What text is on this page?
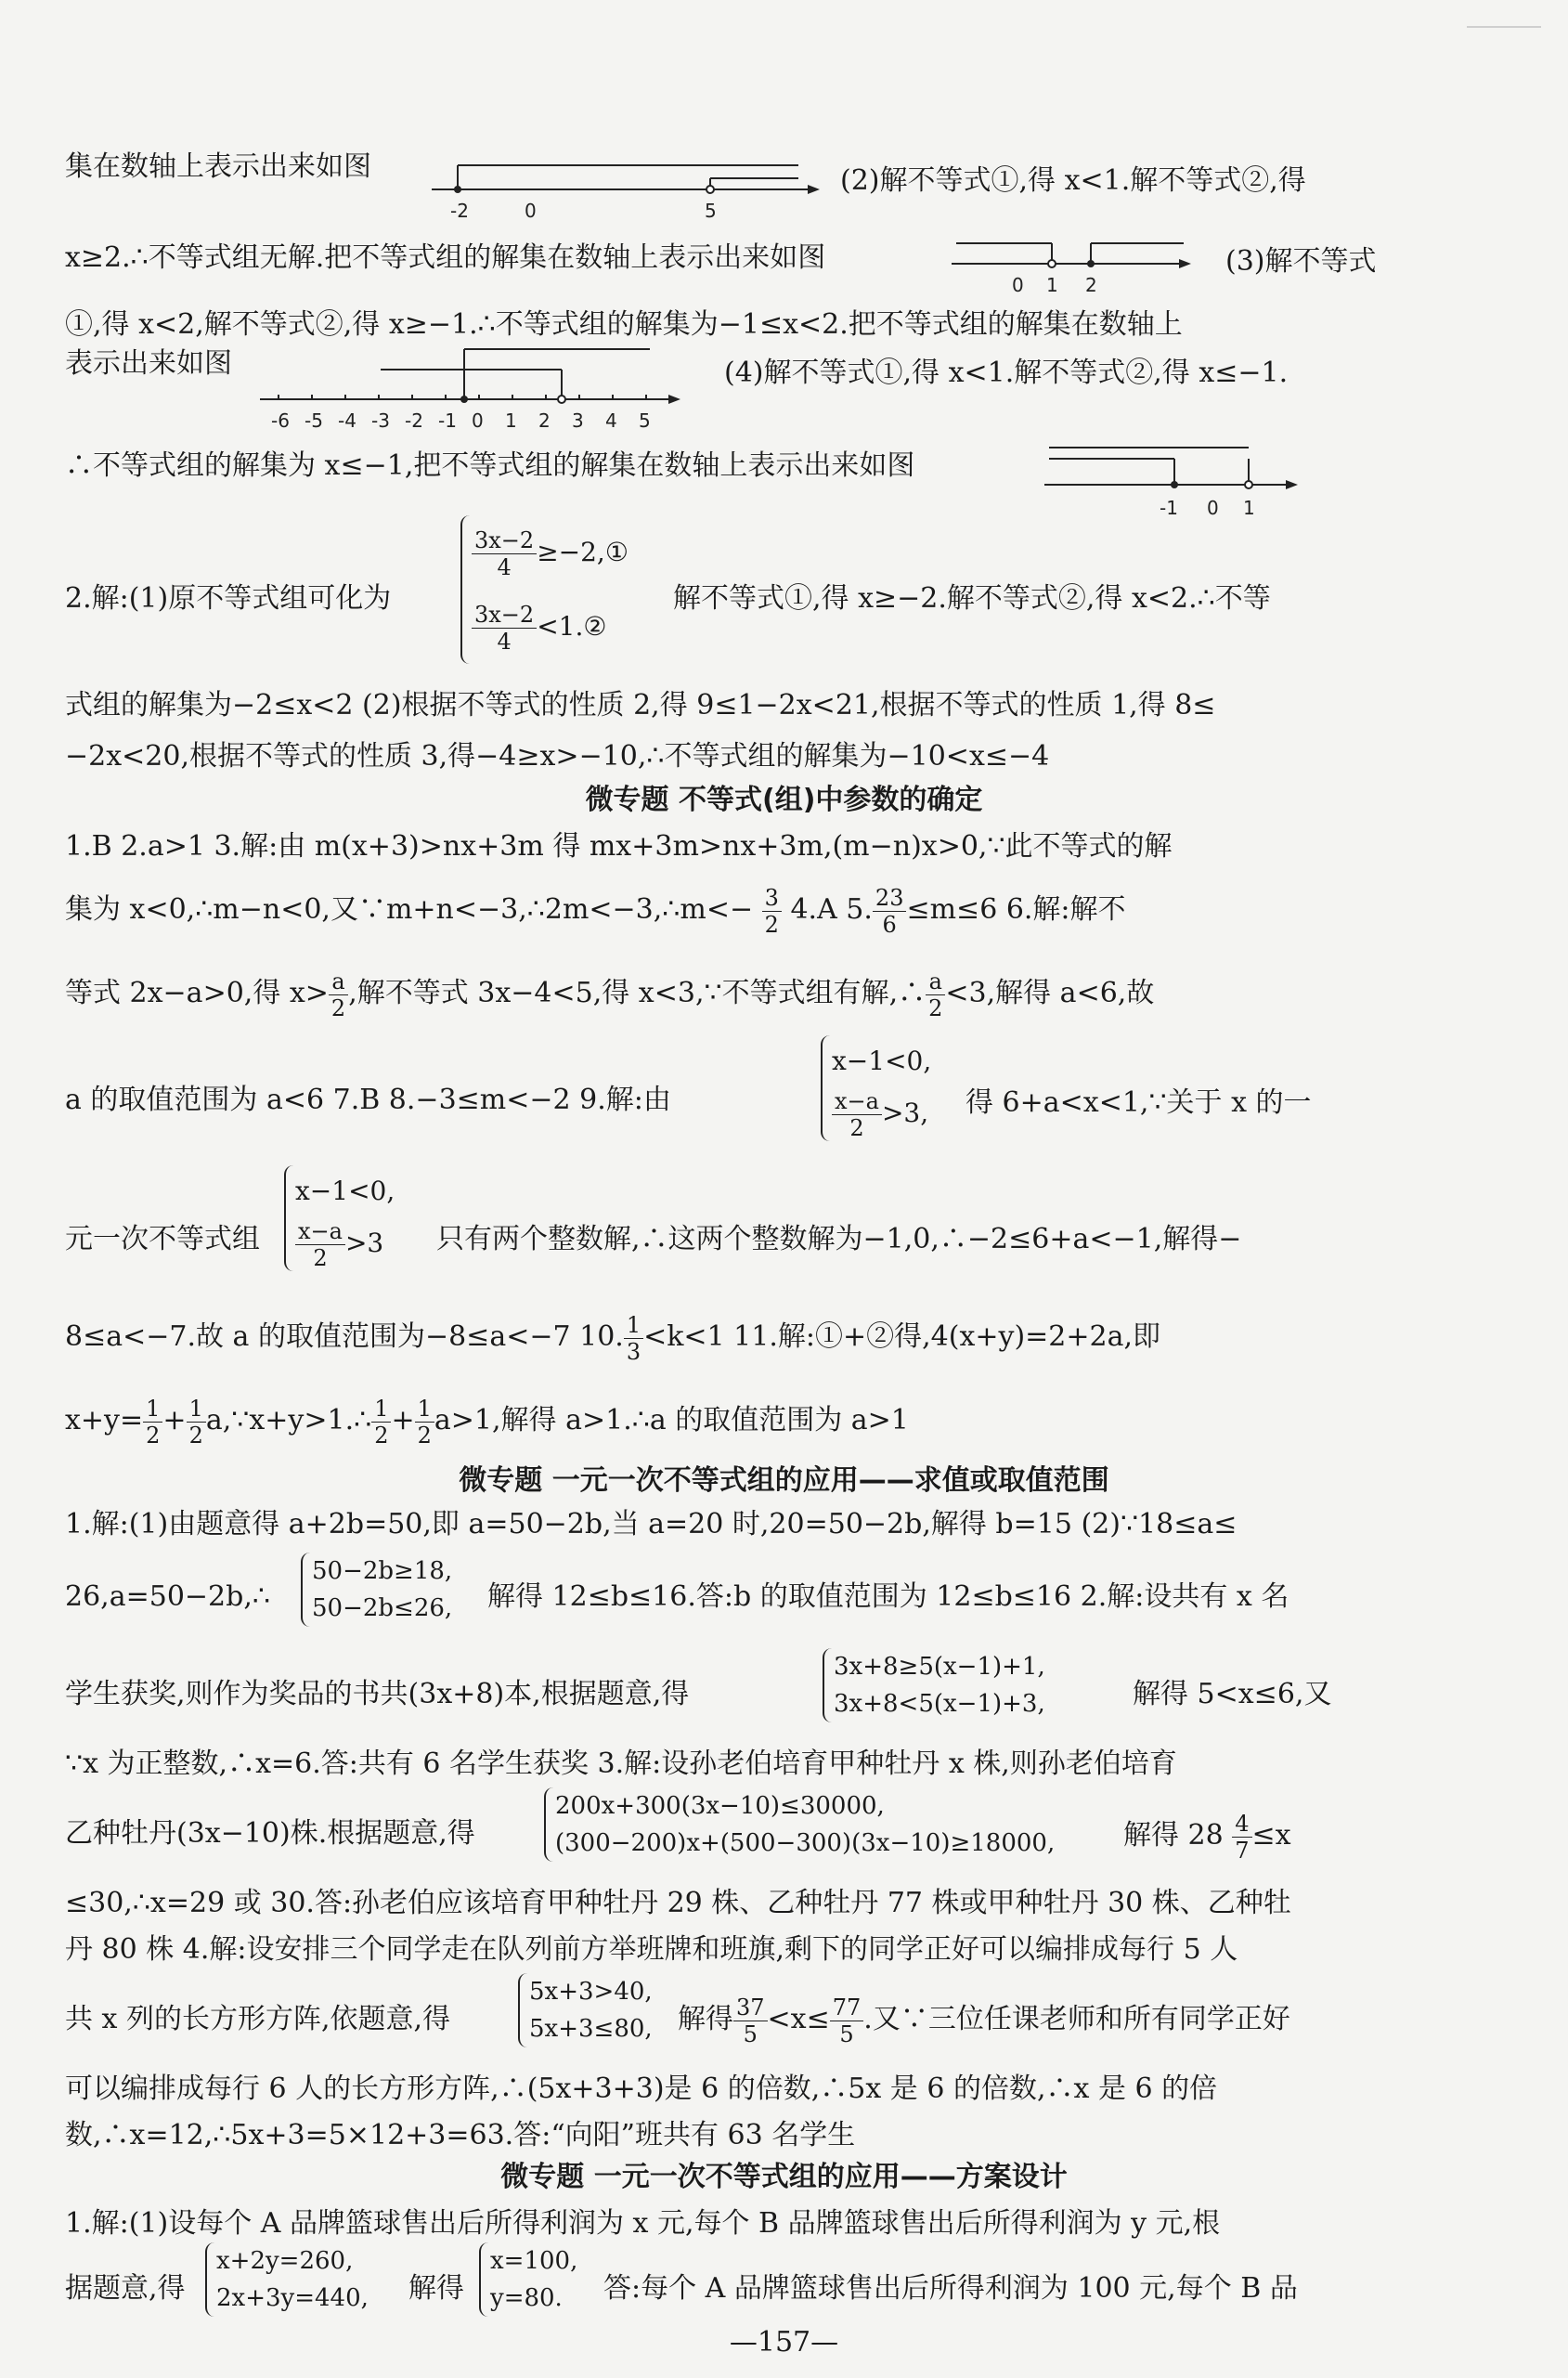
集在数轴上表示出来如图
-2	0	5
(2)解不等式①,得 x<1.解不等式②,得
x≥2.∴不等式组无解.把不等式组的解集在数轴上表示出来如图
0 1 2
(3)解不等式
①,得 x<2,解不等式②,得 x≥−1.∴不等式组的解集为−1≤x<2.把不等式组的解集在数轴上
表示出来如图
-6 -5 -4 -3 -2 -1 0 1 2 3 4 5
(4)解不等式①,得 x<1.解不等式②,得 x≤−1.
∴不等式组的解集为 x≤−1,把不等式组的解集在数轴上表示出来如图
-1 0 1
2.解:(1)原不等式组可化为
$\frac{3x-2}{4}$ ≥−2,①
$\frac{3x-2}{4}$ <1.②
解不等式①,得 x≥−2.解不等式②,得 x<2.∴不等
式组的解集为−2≤x<2 (2)根据不等式的性质 2,得 9≤1−2x<21,根据不等式的性质 1,得 8≤
−2x<20,根据不等式的性质 3,得−4≥x>−10,∴不等式组的解集为−10<x≤−4
微专题 不等式(组)中参数的确定
1.B 2.a>1 3.解:由 m(x+3)>nx+3m 得 mx+3m>nx+3m,(m−n)x>0,∵此不等式的解
集为 x<0,∴m−n<0,又∵m+n<−3,∴2m<−3,∴m<− $\frac{3}{2} 4.A$ 5. $\frac{23}{6} \le m\le 6$ 6.解:解不
等式 2x−a>0,得 $x> \frac{a}{2}$ ,解不等式 3x−4<5,得 x<3,∵不等式组有解,∴ $\frac{a}{2} <3$,解得 a<6,故
a 的取值范围为 a<6 7.B 8.−3≤m<−2 9.解:由
x−1<0,
$\frac{x-a}{2} >3$, 得 6+a<x<1,∵关于 x 的一
元一次不等式组
x−1<0,
$\frac{x-a}{2} >3$	只有两个整数解,∴这两个整数解为−1,0,∴−2≤6+a<−1,解得−
8≤a<−7.故 a 的取值范围为−8≤a<−7 10. $\frac{1}{3} <k<1$ 11.解:①+②得,4(x+y)=2+2a,即
$x+y= \frac{1}{2} + \frac{1}{2}$ a,∵x+y>1.∴ $\frac{1}{2} + \frac{1}{2} a>1$,解得 a>1.∴a 的取值范围为 a>1
微专题 一元一次不等式组的应用——求值或取值范围
1.解:(1)由题意得 a+2b=50,即 a=50−2b,当 a=20 时,20=50−2b,解得 b=15 (2)∵18≤a≤
26,a=50−2b,∴
50−2b≥18,
50−2b≤26, 解得 12≤b≤16.答:b 的取值范围为 12≤b≤16 2.解:设共有 x 名
学生获奖,则作为奖品的书共(3x+8)本,根据题意,得
3x+8≥5(x−1)+1,
3x+8<5(x−1)+3,	解得 5<x≤6,又
∵x 为正整数,∴x=6.答:共有 6 名学生获奖 3.解:设孙老伯培育甲种牡丹 x 株,则孙老伯培育
乙种牡丹(3x−10)株.根据题意,得
200x+300(3x−10)≤30000,
(300−200)x+(500−300)(3x−10)≥18000, 解得 $28 \frac{4}{7} \le x$
≤30,∴x=29 或 30.答:孙老伯应该培育甲种牡丹 29 株、乙种牡丹 77 株或甲种牡丹 30 株、乙种牡
丹 80 株 4.解:设安排三个同学走在队列前方举班牌和班旗,剩下的同学正好可以编排成每行 5 人
共 x 列的长方形方阵,依题意,得
5x+3>40,
5x+3≤80, 解得 $\frac{37}{5} <x\le \frac{77}{5}$ .又∵三位任课老师和所有同学正好
可以编排成每行 6 人的长方形方阵,∴(5x+3+3)是 6 的倍数,∴5x 是 6 的倍数,∴x 是 6 的倍
数,∴x=12,∴5x+3=5×12+3=63.答:“向阳”班共有 63 名学生
微专题 一元一次不等式组的应用——方案设计
1.解:(1)设每个 A 品牌篮球售出后所得利润为 x 元,每个 B 品牌篮球售出后所得利润为 y 元,根
据题意,得
x+2y=260,
2x+3y=440, 解得
x=100,
y=80.	答:每个 A 品牌篮球售出后所得利润为 100 元,每个 B 品
—157—
